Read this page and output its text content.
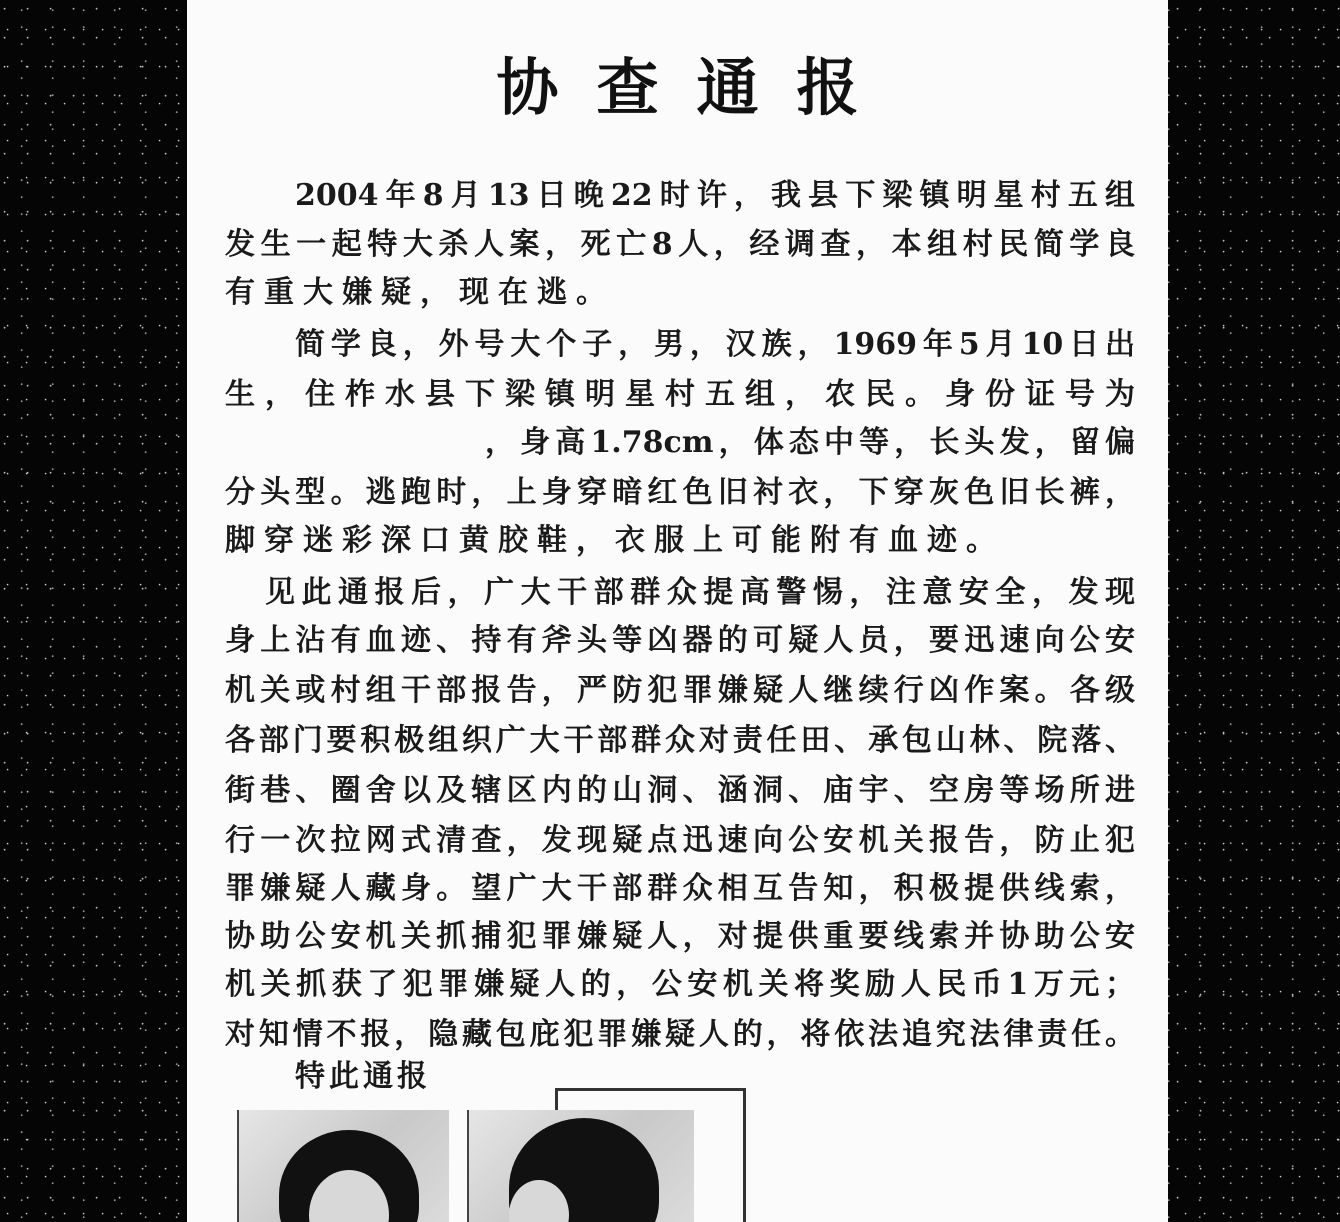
协查通报
2004年8月13日晚22时许，我县下梁镇明星村五组
发生一起特大杀人案，死亡8人，经调查，本组村民简学良
有重大嫌疑，现在逃。
简学良，外号大个子，男，汉族，1969年5月10日出
生，住柞水县下梁镇明星村五组，农民。身份证号为
，身高1.78cm，体态中等，长头发，留偏
分头型。逃跑时，上身穿暗红色旧衬衣，下穿灰色旧长裤，
脚穿迷彩深口黄胶鞋，衣服上可能附有血迹。
见此通报后，广大干部群众提高警惕，注意安全，发现
身上沾有血迹、持有斧头等凶器的可疑人员，要迅速向公安
机关或村组干部报告，严防犯罪嫌疑人继续行凶作案。各级
各部门要积极组织广大干部群众对责任田、承包山林、院落、
街巷、圈舍以及辖区内的山洞、涵洞、庙宇、空房等场所进
行一次拉网式清查，发现疑点迅速向公安机关报告，防止犯
罪嫌疑人藏身。望广大干部群众相互告知，积极提供线索，
协助公安机关抓捕犯罪嫌疑人，对提供重要线索并协助公安
机关抓获了犯罪嫌疑人的，公安机关将奖励人民币1万元；
对知情不报，隐藏包庇犯罪嫌疑人的，将依法追究法律责任。
特此通报
